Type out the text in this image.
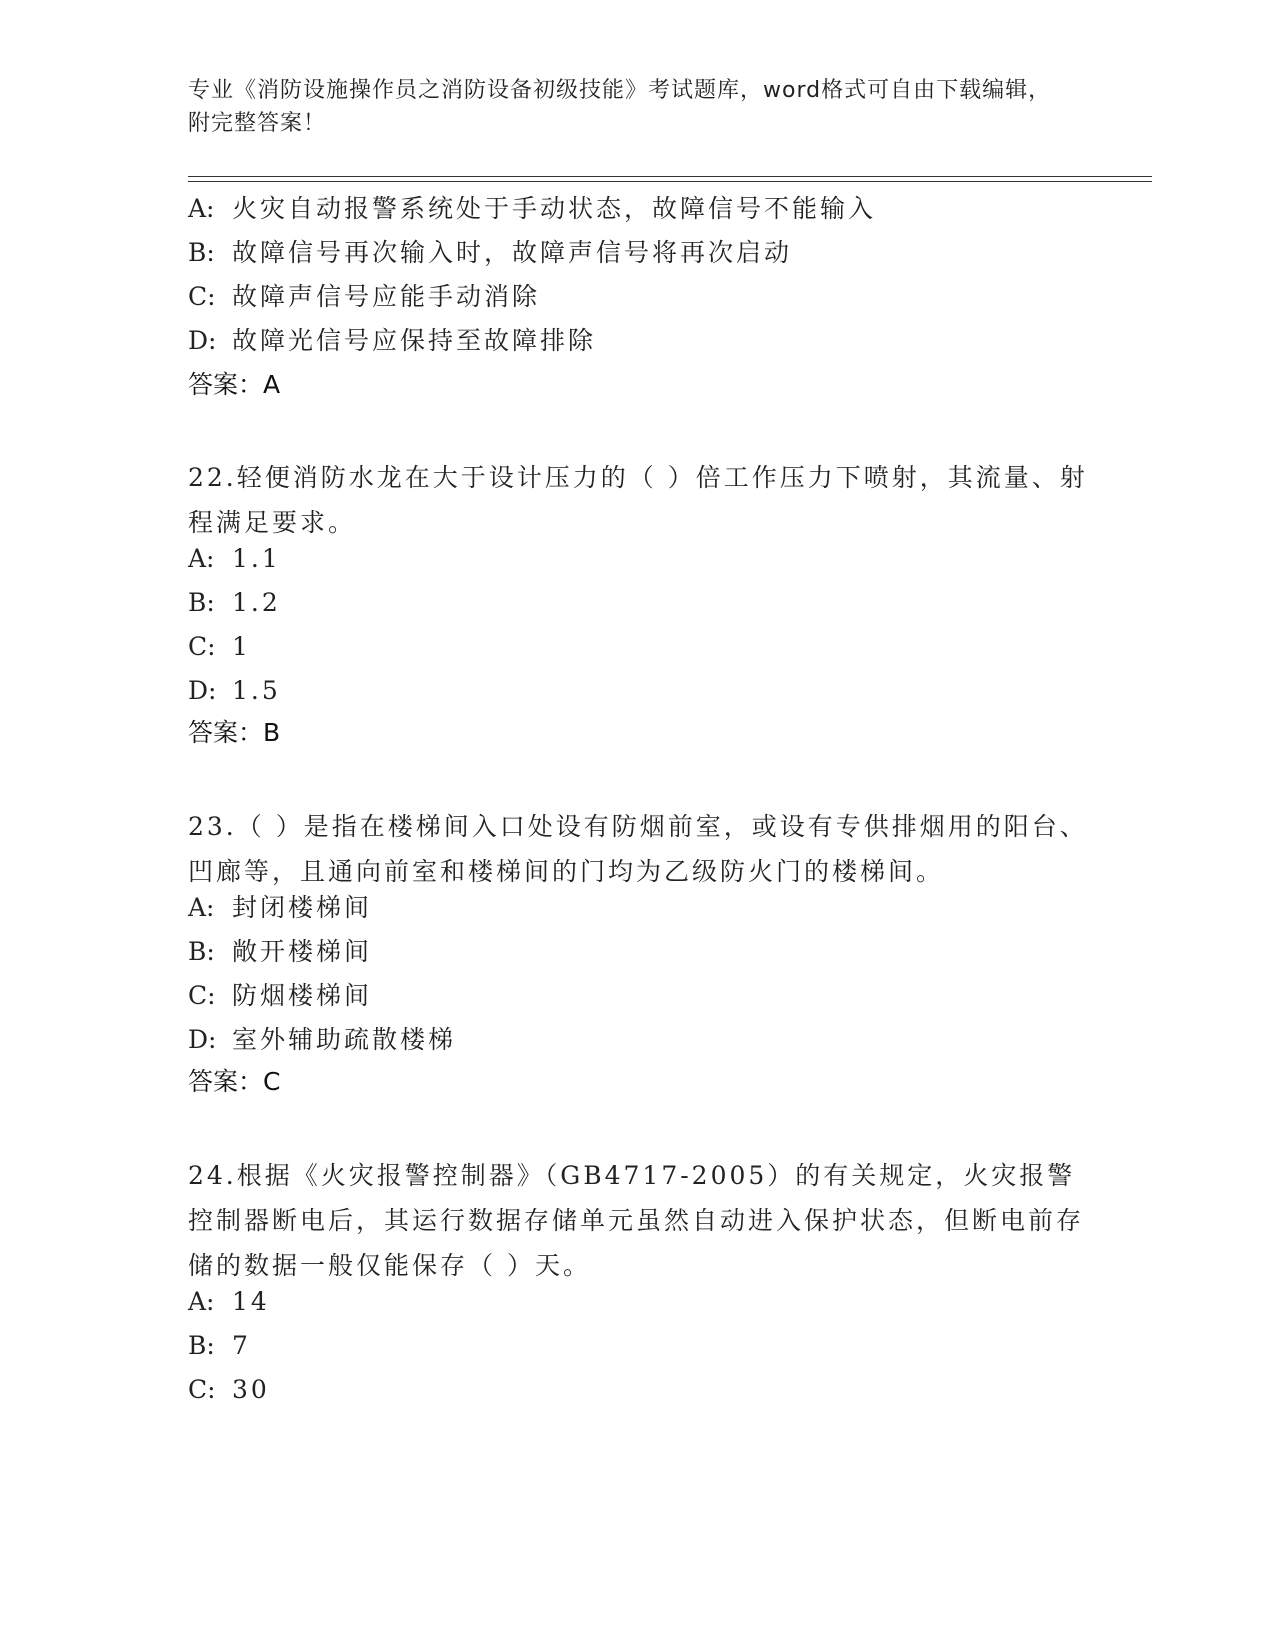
专业《消防设施操作员之消防设备初级技能》考试题库，word格式可自由下载编辑，附完整答案！
A: 火灾自动报警系统处于手动状态，故障信号不能输入
B: 故障信号再次输入时，故障声信号将再次启动
C: 故障声信号应能手动消除
D: 故障光信号应保持至故障排除
答案：A
22.轻便消防水龙在大于设计压力的（ ）倍工作压力下喷射，其流量、射程满足要求。
A: 1.1
B: 1.2
C: 1
D: 1.5
答案：B
23.（ ）是指在楼梯间入口处设有防烟前室，或设有专供排烟用的阳台、凹廊等，且通向前室和楼梯间的门均为乙级防火门的楼梯间。
A: 封闭楼梯间
B: 敞开楼梯间
C: 防烟楼梯间
D: 室外辅助疏散楼梯
答案：C
24.根据《火灾报警控制器》（GB4717-2005）的有关规定，火灾报警控制器断电后，其运行数据存储单元虽然自动进入保护状态，但断电前存储的数据一般仅能保存（ ）天。
A: 14
B: 7
C: 30
